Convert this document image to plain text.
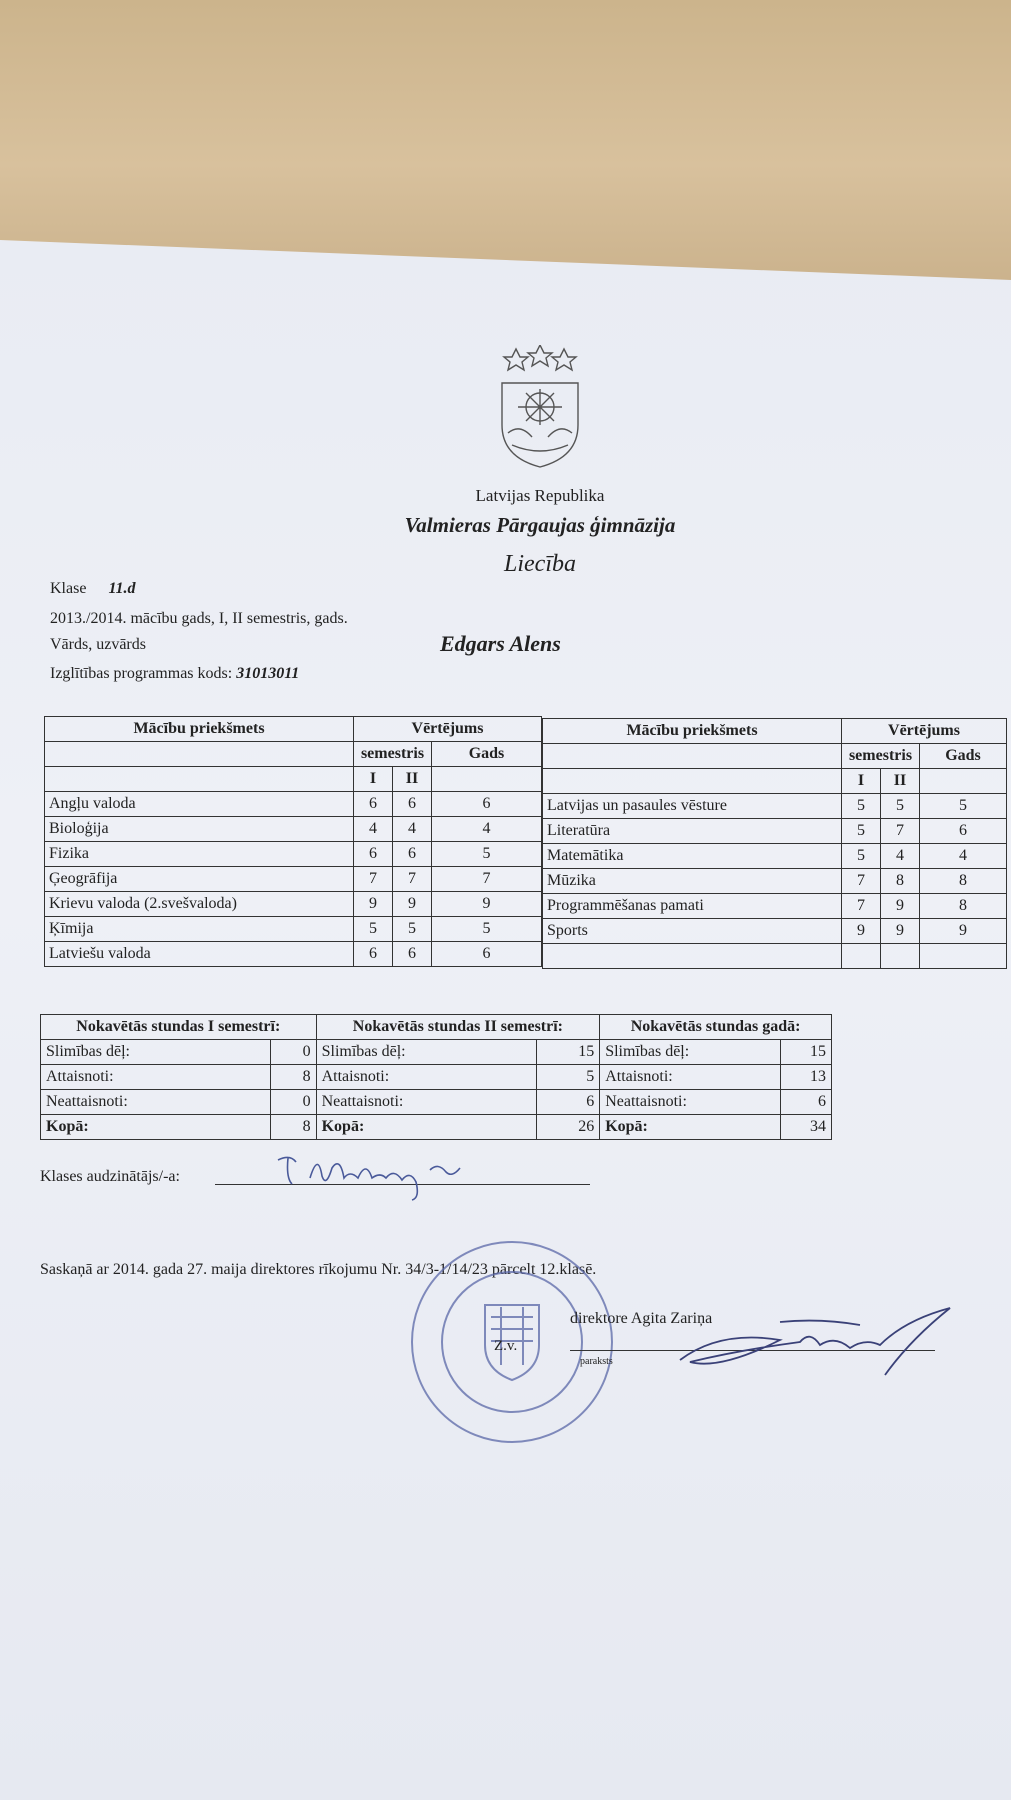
Latvijas Republika
Valmieras Pārgaujas ģimnāzija
Liecība
Klase 11.d
2013./2014. mācību gads, I, II semestris, gads.
Vārds, uzvārds	Edgars Alens
Izglītības programmas kods: 31013011
Mācību priekšmets	Vērtējums		
	semestris		Gads
	I	II	
Angļu valoda	6	6	6
Bioloģija	4	4	4
Fizika	6	6	5
Ģeogrāfija	7	7	7
Krievu valoda (2.svešvaloda)	9	9	9
Ķīmija	5	5	5
Latviešu valoda	6	6	6
Mācību priekšmets	Vērtējums		
	semestris		Gads
	I	II	
Latvijas un pasaules vēsture	5	5	5
Literatūra	5	7	6
Matemātika	5	4	4
Mūzika	7	8	8
Programmēšanas pamati	7	9	8
Sports	9	9	9

Nokavētās stundas I semestrī:		Nokavētās stundas II semestrī:		Nokavētās stundas gadā:	
Slimības dēļ:	0	Slimības dēļ:	15	Slimības dēļ:	15
Attaisnoti:	8	Attaisnoti:	5	Attaisnoti:	13
Neattaisnoti:	0	Neattaisnoti:	6	Neattaisnoti:	6
Kopā:	8	Kopā:	26	Kopā:	34
Klases audzinātājs/-a:
Saskaņā ar 2014. gada 27. maija direktores rīkojumu Nr. 34/3-1/14/23 pārcelt 12.klasē.
Z.v.
direktore Agita Zariņa
paraksts
